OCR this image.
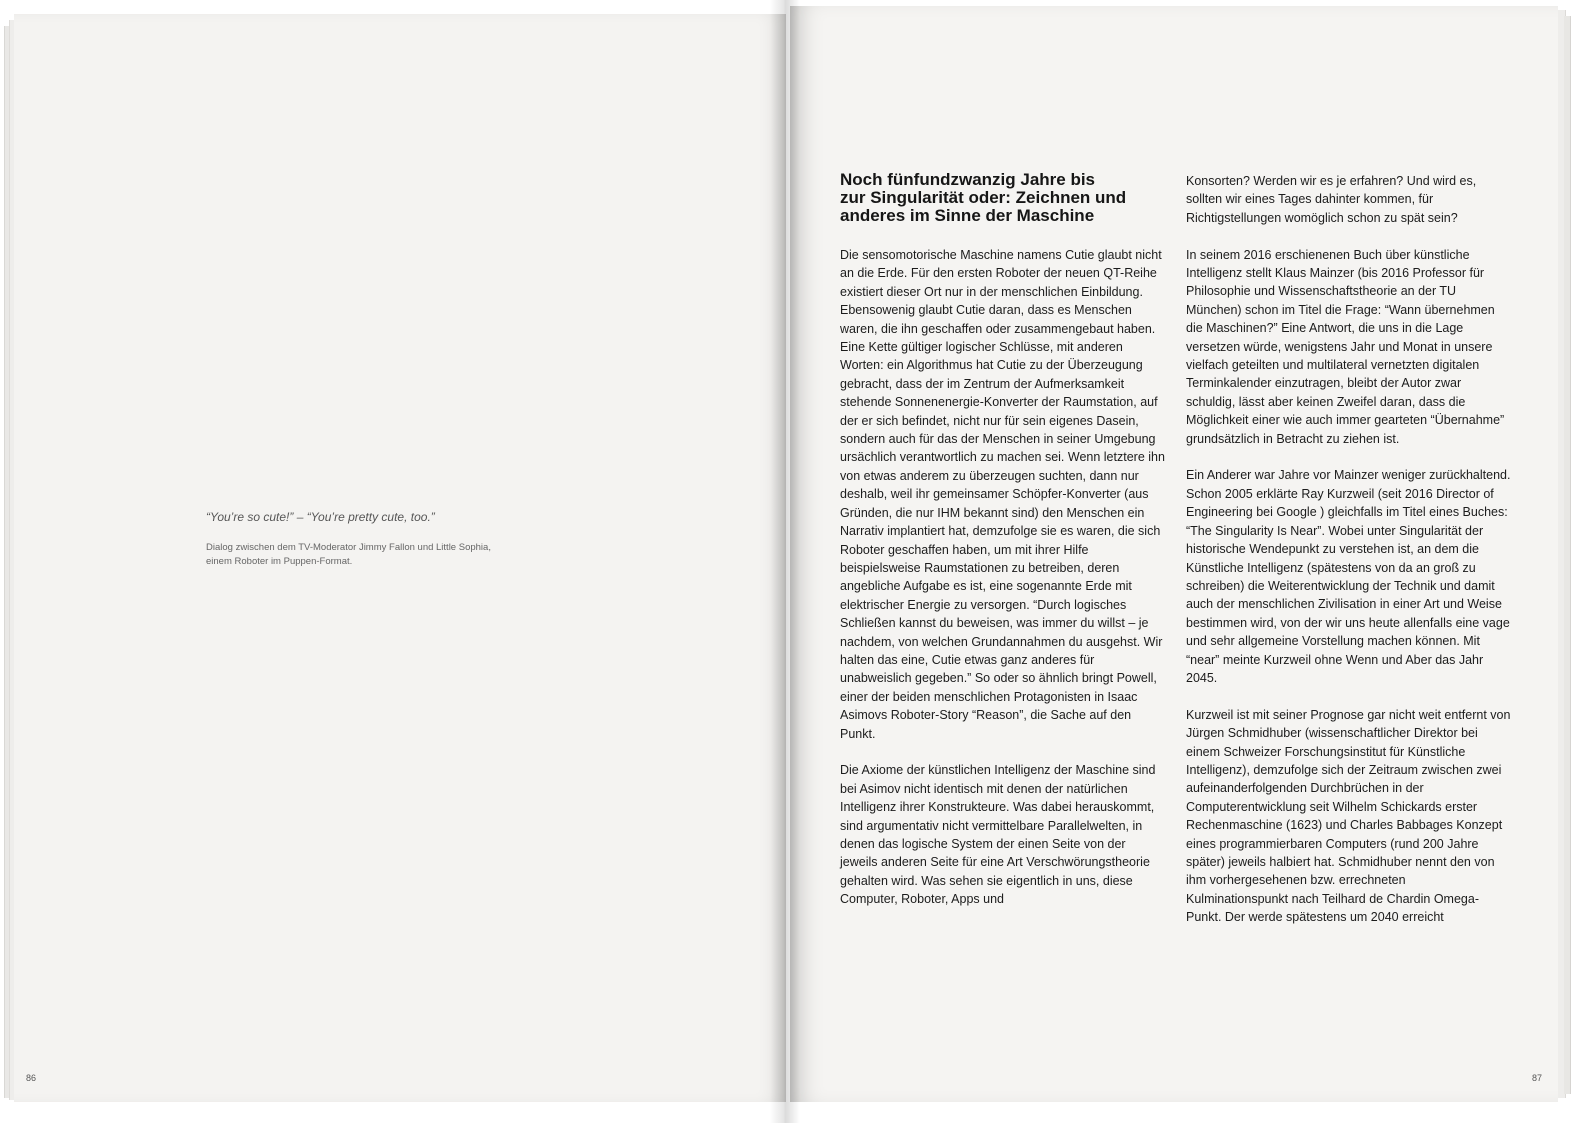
“You’re so cute!” – “You’re pretty cute, too.”
Dialog zwischen dem TV-Moderator Jimmy Fallon und Little Sophia,
einem Roboter im Puppen-Format.
86
Noch fünfundzwanzig Jahre bis
zur Singularität oder: Zeichnen und
anderes im Sinne der Maschine

Die sensomotorische Maschine namens Cutie glaubt nicht an die Erde. Für den ersten Roboter der neuen QT-Reihe existiert dieser Ort nur in der menschlichen Einbildung. Ebensowenig glaubt Cutie daran, dass es Menschen waren, die ihn geschaffen oder zusammengebaut haben. Eine Kette gültiger logischer Schlüsse, mit anderen Worten: ein Algorithmus hat Cutie zu der Überzeugung gebracht, dass der im Zentrum der Aufmerksamkeit stehende Sonnenenergie-Konverter der Raumstation, auf der er sich befindet, nicht nur für sein eigenes Dasein, sondern auch für das der Menschen in seiner Umgebung ursächlich verantwortlich zu machen sei. Wenn letztere ihn von etwas anderem zu überzeugen suchten, dann nur deshalb, weil ihr gemeinsamer Schöpfer-Konverter (aus Gründen, die nur IHM bekannt sind) den Menschen ein Narrativ implantiert hat, demzufolge sie es waren, die sich Roboter geschaffen haben, um mit ihrer Hilfe beispielsweise Raumstationen zu betreiben, deren angebliche Aufgabe es ist, eine sogenannte Erde mit elektrischer Energie zu versorgen. “Durch logisches Schließen kannst du beweisen, was immer du willst – je nachdem, von welchen Grundannahmen du ausgehst. Wir halten das eine, Cutie etwas ganz anderes für unabweislich gegeben.” So oder so ähnlich bringt Powell, einer der beiden menschlichen Protagonisten in Isaac Asimovs Roboter-Story “Reason”, die Sache auf den Punkt.

Die Axiome der künstlichen Intelligenz der Maschine sind bei Asimov nicht identisch mit denen der natürlichen Intelligenz ihrer Konstrukteure. Was dabei herauskommt, sind argumentativ nicht vermittelbare Parallelwelten, in denen das logische System der einen Seite von der jeweils anderen Seite für eine Art Verschwörungstheorie gehalten wird. Was sehen sie eigentlich in uns, diese Computer, Roboter, Apps und

Konsorten? Werden wir es je erfahren? Und wird es, sollten wir eines Tages dahinter kommen, für Richtigstellungen womöglich schon zu spät sein?

In seinem 2016 erschienenen Buch über künstliche Intelligenz stellt Klaus Mainzer (bis 2016 Professor für Philosophie und Wissenschaftstheorie an der TU München) schon im Titel die Frage: “Wann übernehmen die Maschinen?” Eine Antwort, die uns in die Lage versetzen würde, wenigstens Jahr und Monat in unsere vielfach geteilten und multilateral vernetzten digitalen Terminkalender einzutragen, bleibt der Autor zwar schuldig, lässt aber keinen Zweifel daran, dass die Möglichkeit einer wie auch immer gearteten “Übernahme” grundsätzlich in Betracht zu ziehen ist.

Ein Anderer war Jahre vor Mainzer weniger zurückhaltend. Schon 2005 erklärte Ray Kurzweil (seit 2016 Director of Engineering bei Google ) gleichfalls im Titel eines Buches: “The Singularity Is Near”. Wobei unter Singularität der historische Wendepunkt zu verstehen ist, an dem die Künstliche Intelligenz (spätestens von da an groß zu schreiben) die Weiterentwicklung der Technik und damit auch der menschlichen Zivilisation in einer Art und Weise bestimmen wird, von der wir uns heute allenfalls eine vage und sehr allgemeine Vorstellung machen können. Mit “near” meinte Kurzweil ohne Wenn und Aber das Jahr 2045.

Kurzweil ist mit seiner Prognose gar nicht weit entfernt von Jürgen Schmidhuber (wissenschaftlicher Direktor bei einem Schweizer Forschungsinstitut für Künstliche Intelligenz), demzufolge sich der Zeitraum zwischen zwei aufeinanderfolgenden Durchbrüchen in der Computerentwicklung seit Wilhelm Schickards erster Rechenmaschine (1623) und Charles Babbages Konzept eines programmierbaren Computers (rund 200 Jahre später) jeweils halbiert hat. Schmidhuber nennt den von ihm vorhergesehenen bzw. errechneten Kulminationspunkt nach Teilhard de Chardin Omega-Punkt. Der werde spätestens um 2040 erreicht

87
